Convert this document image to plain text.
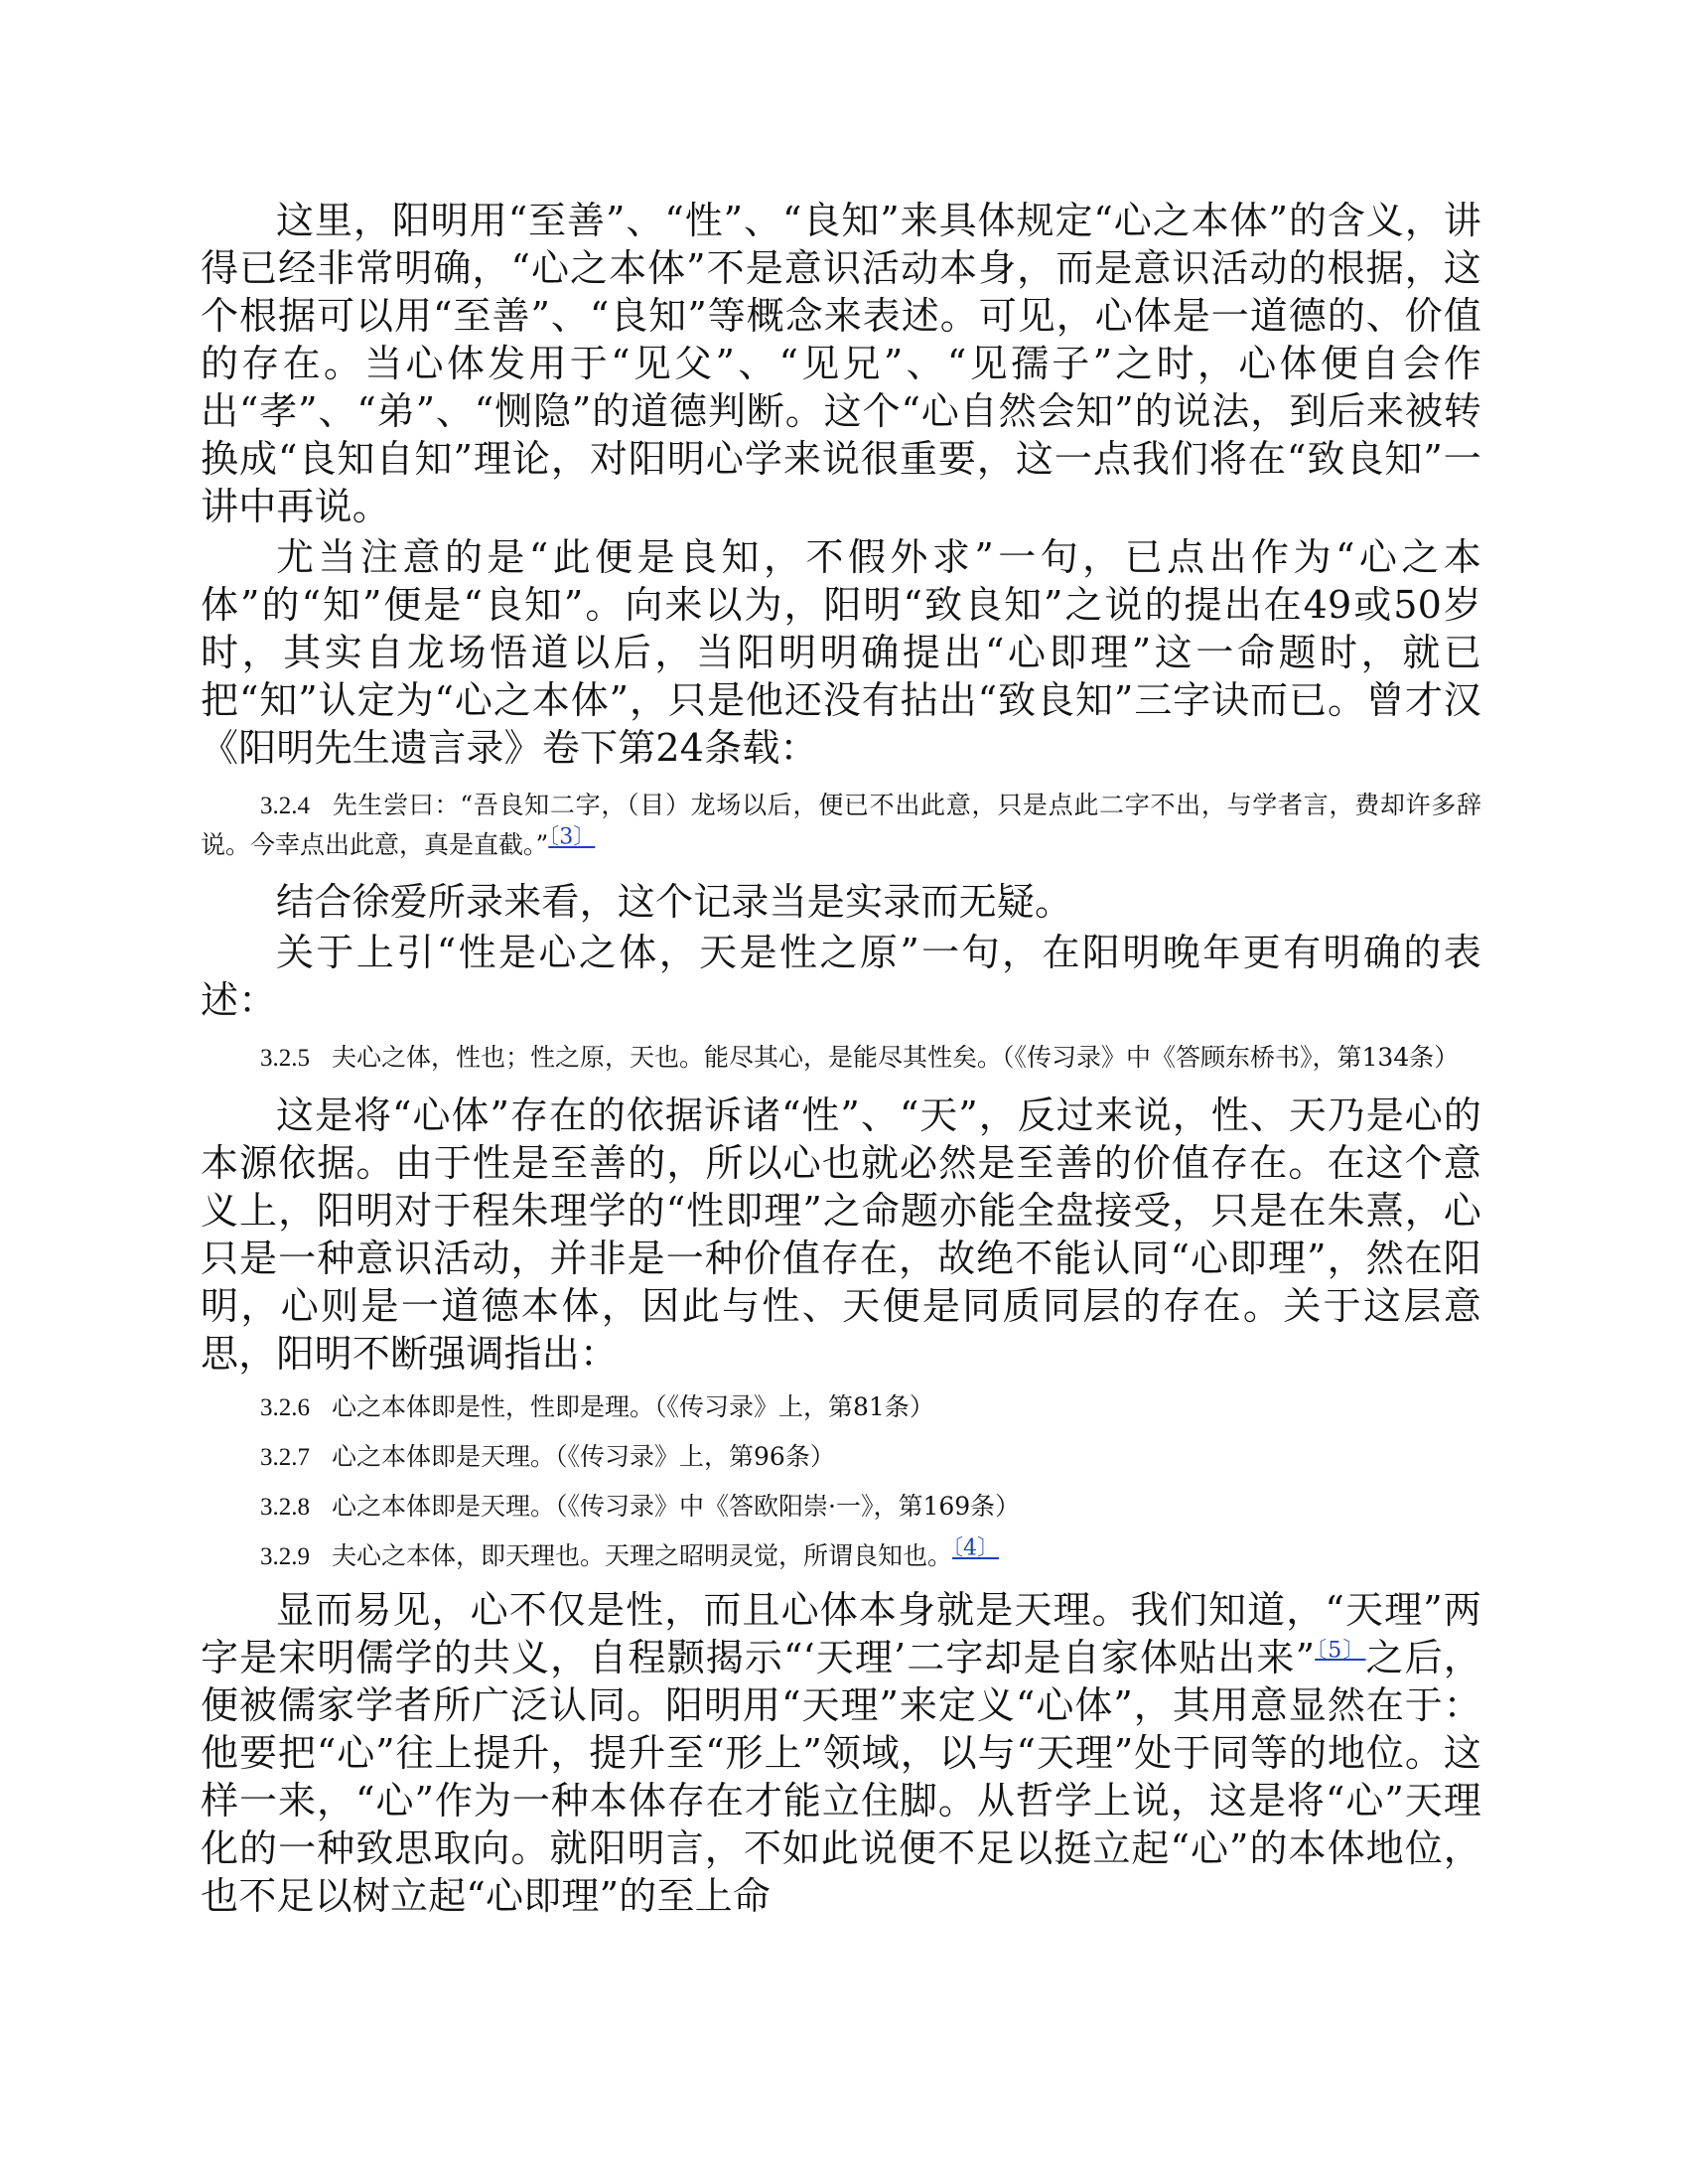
这里，阳明用“至善”、“性”、“良知”来具体规定“心之本体”的含义，讲得已经非常明确，“心之本体”不是意识活动本身，而是意识活动的根据，这个根据可以用“至善”、“良知”等概念来表述。可见，心体是一道德的、价值的存在。当心体发用于“见父”、“见兄”、“见孺子”之时，心体便自会作出“孝”、“弟”、“恻隐”的道德判断。这个“心自然会知”的说法，到后来被转换成“良知自知”理论，对阳明心学来说很重要，这一点我们将在“致良知”一讲中再说。

尤当注意的是“此便是良知，不假外求”一句，已点出作为“心之本体”的“知”便是“良知”。向来以为，阳明“致良知”之说的提出在49或50岁时，其实自龙场悟道以后，当阳明明确提出“心即理”这一命题时，就已把“知”认定为“心之本体”，只是他还没有拈出“致良知”三字诀而已。曾才汉《阳明先生遗言录》卷下第24条载：

3.2.4 先生尝曰：“吾良知二字，（目）龙场以后，便已不出此意，只是点此二字不出，与学者言，费却许多辞说。今幸点出此意，真是直截。”〔3〕

结合徐爱所录来看，这个记录当是实录而无疑。

关于上引“性是心之体，天是性之原”一句，在阳明晚年更有明确的表述：

3.2.5 夫心之体，性也；性之原，天也。能尽其心，是能尽其性矣。（《传习录》中《答顾东桥书》，第134条）

这是将“心体”存在的依据诉诸“性”、“天”，反过来说，性、天乃是心的本源依据。由于性是至善的，所以心也就必然是至善的价值存在。在这个意义上，阳明对于程朱理学的“性即理”之命题亦能全盘接受，只是在朱熹，心只是一种意识活动，并非是一种价值存在，故绝不能认同“心即理”，然在阳明，心则是一道德本体，因此与性、天便是同质同层的存在。关于这层意思，阳明不断强调指出：

3.2.6 心之本体即是性，性即是理。（《传习录》上，第81条）

3.2.7 心之本体即是天理。（《传习录》上，第96条）

3.2.8 心之本体即是天理。（《传习录》中《答欧阳崇·一》，第169条）

3.2.9 夫心之本体，即天理也。天理之昭明灵觉，所谓良知也。〔4〕

显而易见，心不仅是性，而且心体本身就是天理。我们知道，“天理”两字是宋明儒学的共义，自程颢揭示“‘天理’二字却是自家体贴出来”$^{〔5〕}$之后，便被儒家学者所广泛认同。阳明用“天理”来定义“心体”，其用意显然在于：他要把“心”往上提升，提升至“形上”领域，以与“天理”处于同等的地位。这样一来，“心”作为一种本体存在才能立住脚。从哲学上说，这是将“心”天理化的一种致思取向。就阳明言，不如此说便不足以挺立起“心”的本体地位，也不足以树立起“心即理”的至上命
